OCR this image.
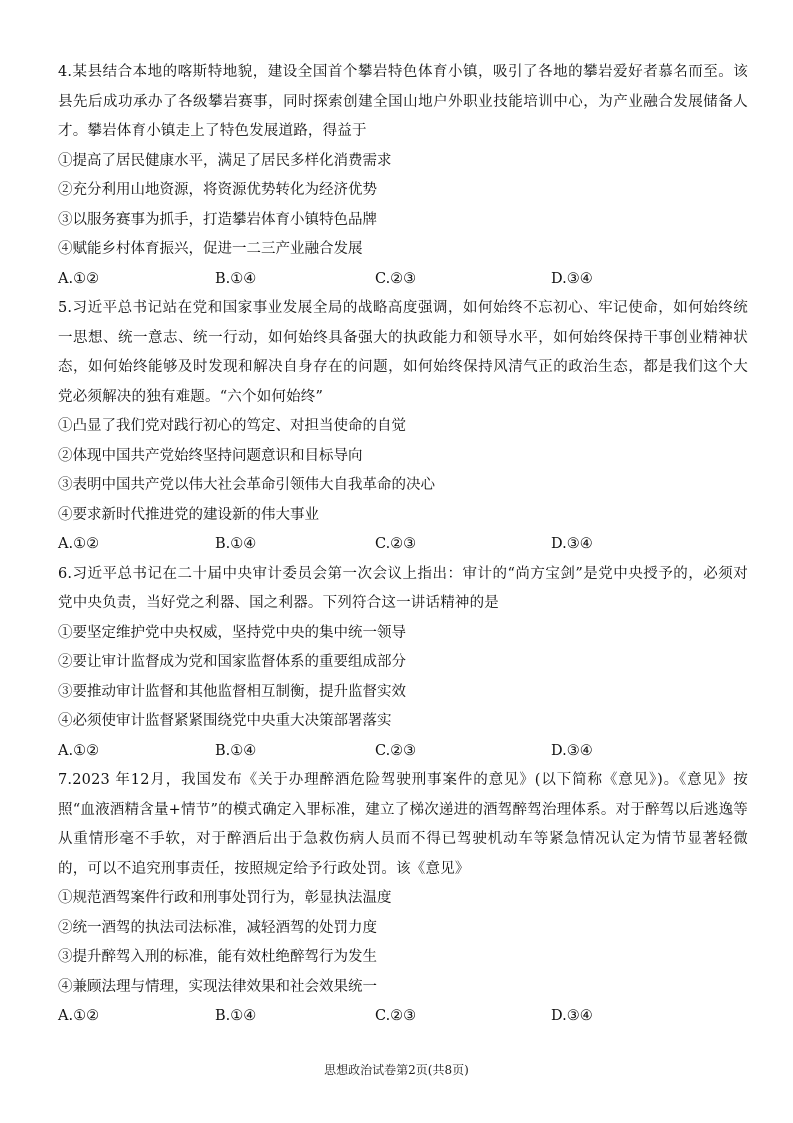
4.某县结合本地的喀斯特地貌，建设全国首个攀岩特色体育小镇，吸引了各地的攀岩爱好者慕名而至。该县先后成功承办了各级攀岩赛事，同时探索创建全国山地户外职业技能培训中心，为产业融合发展储备人才。攀岩体育小镇走上了特色发展道路，得益于

①提高了居民健康水平，满足了居民多样化消费需求

②充分利用山地资源，将资源优势转化为经济优势

③以服务赛事为抓手，打造攀岩体育小镇特色品牌

④赋能乡村体育振兴，促进一二三产业融合发展

A.①②	B.①④	C.②③	D.③④

5.习近平总书记站在党和国家事业发展全局的战略高度强调，如何始终不忘初心、牢记使命，如何始终统一思想、统一意志、统一行动，如何始终具备强大的执政能力和领导水平，如何始终保持干事创业精神状态，如何始终能够及时发现和解决自身存在的问题，如何始终保持风清气正的政治生态，都是我们这个大党必须解决的独有难题。“六个如何始终”

①凸显了我们党对践行初心的笃定、对担当使命的自觉

②体现中国共产党始终坚持问题意识和目标导向

③表明中国共产党以伟大社会革命引领伟大自我革命的决心

④要求新时代推进党的建设新的伟大事业

A.①②	B.①④	C.②③	D.③④

6.习近平总书记在二十届中央审计委员会第一次会议上指出：审计的“尚方宝剑”是党中央授予的，必须对党中央负责，当好党之利器、国之利器。下列符合这一讲话精神的是

①要坚定维护党中央权威，坚持党中央的集中统一领导

②要让审计监督成为党和国家监督体系的重要组成部分

③要推动审计监督和其他监督相互制衡，提升监督实效

④必须使审计监督紧紧围绕党中央重大决策部署落实

A.①②	B.①④	C.②③	D.③④

7.2023 年12月，我国发布《关于办理醉酒危险驾驶刑事案件的意见》(以下简称《意见》)。《意见》按照“血液酒精含量+情节”的模式确定入罪标准，建立了梯次递进的酒驾醉驾治理体系。对于醉驾以后逃逸等从重情形毫不手软，对于醉酒后出于急救伤病人员而不得已驾驶机动车等紧急情况认定为情节显著轻微的，可以不追究刑事责任，按照规定给予行政处罚。该《意见》

①规范酒驾案件行政和刑事处罚行为，彰显执法温度

②统一酒驾的执法司法标准，减轻酒驾的处罚力度

③提升醉驾入刑的标准，能有效杜绝醉驾行为发生

④兼顾法理与情理，实现法律效果和社会效果统一

A.①②	B.①④	C.②③	D.③④
思想政治试卷第2页(共8页)
